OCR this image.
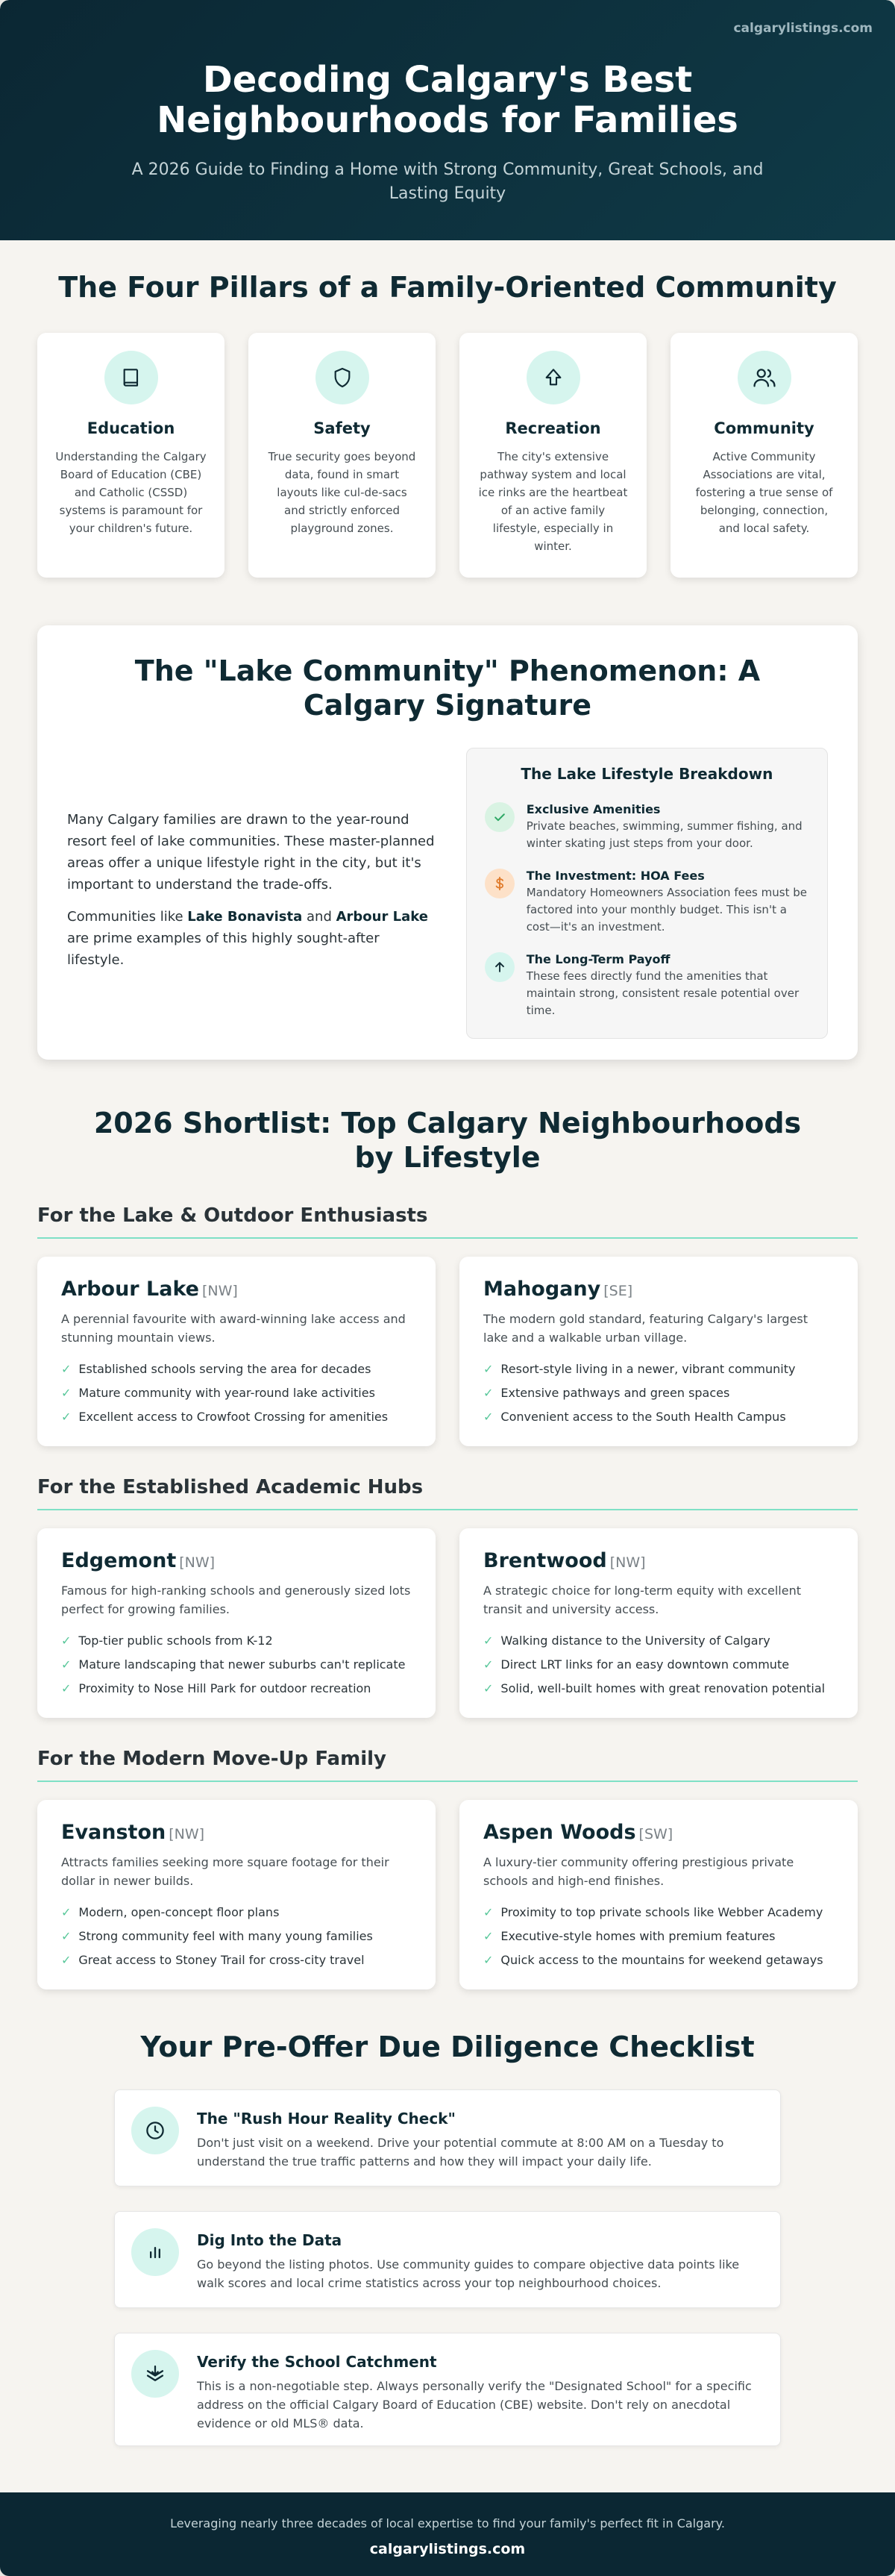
calgarylistings.com
Decoding Calgary's Best Neighbourhoods for Families

A 2026 Guide to Finding a Home with Strong Community, Great Schools, and Lasting Equity

The Four Pillars of a Family-Oriented Community
Education

Understanding the Calgary Board of Education (CBE) and Catholic (CSSD) systems is paramount for your children's future.

Safety

True security goes beyond data, found in smart layouts like cul-de-sacs and strictly enforced playground zones.

Recreation

The city's extensive pathway system and local ice rinks are the heartbeat of an active family lifestyle, especially in winter.

Community

Active Community Associations are vital, fostering a true sense of belonging, connection, and local safety.

The "Lake Community" Phenomenon: A Calgary Signature

Many Calgary families are drawn to the year-round resort feel of lake communities. These master-planned areas offer a unique lifestyle right in the city, but it's important to understand the trade-offs.

Communities like Lake Bonavista and Arbour Lake are prime examples of this highly sought-after lifestyle.

The Lake Lifestyle Breakdown
Exclusive Amenities
Private beaches, swimming, summer fishing, and winter skating just steps from your door.
The Investment: HOA Fees
Mandatory Homeowners Association fees must be factored into your monthly budget. This isn't a cost—it's an investment.
The Long-Term Payoff
These fees directly fund the amenities that maintain strong, consistent resale potential over time.
2026 Shortlist: Top Calgary Neighbourhoods by Lifestyle
For the Lake & Outdoor Enthusiasts
Arbour Lake [NW]
A perennial favourite with award-winning lake access and stunning mountain views.
✓ Established schools serving the area for decades
✓ Mature community with year-round lake activities
✓ Excellent access to Crowfoot Crossing for amenities
Mahogany [SE]
The modern gold standard, featuring Calgary's largest lake and a walkable urban village.
✓ Resort-style living in a newer, vibrant community
✓ Extensive pathways and green spaces
✓ Convenient access to the South Health Campus
For the Established Academic Hubs
Edgemont [NW]
Famous for high-ranking schools and generously sized lots perfect for growing families.
✓ Top-tier public schools from K-12
✓ Mature landscaping that newer suburbs can't replicate
✓ Proximity to Nose Hill Park for outdoor recreation
Brentwood [NW]
A strategic choice for long-term equity with excellent transit and university access.
✓ Walking distance to the University of Calgary
✓ Direct LRT links for an easy downtown commute
✓ Solid, well-built homes with great renovation potential
For the Modern Move-Up Family
Evanston [NW]
Attracts families seeking more square footage for their dollar in newer builds.
✓ Modern, open-concept floor plans
✓ Strong community feel with many young families
✓ Great access to Stoney Trail for cross-city travel
Aspen Woods [SW]
A luxury-tier community offering prestigious private schools and high-end finishes.
✓ Proximity to top private schools like Webber Academy
✓ Executive-style homes with premium features
✓ Quick access to the mountains for weekend getaways
Your Pre-Offer Due Diligence Checklist
The "Rush Hour Reality Check"
Don't just visit on a weekend. Drive your potential commute at 8:00 AM on a Tuesday to understand the true traffic patterns and how they will impact your daily life.
Dig Into the Data
Go beyond the listing photos. Use community guides to compare objective data points like walk scores and local crime statistics across your top neighbourhood choices.
Verify the School Catchment
This is a non-negotiable step. Always personally verify the "Designated School" for a specific address on the official Calgary Board of Education (CBE) website. Don't rely on anecdotal evidence or old MLS® data.
Leveraging nearly three decades of local expertise to find your family's perfect fit in Calgary.
calgarylistings.com
